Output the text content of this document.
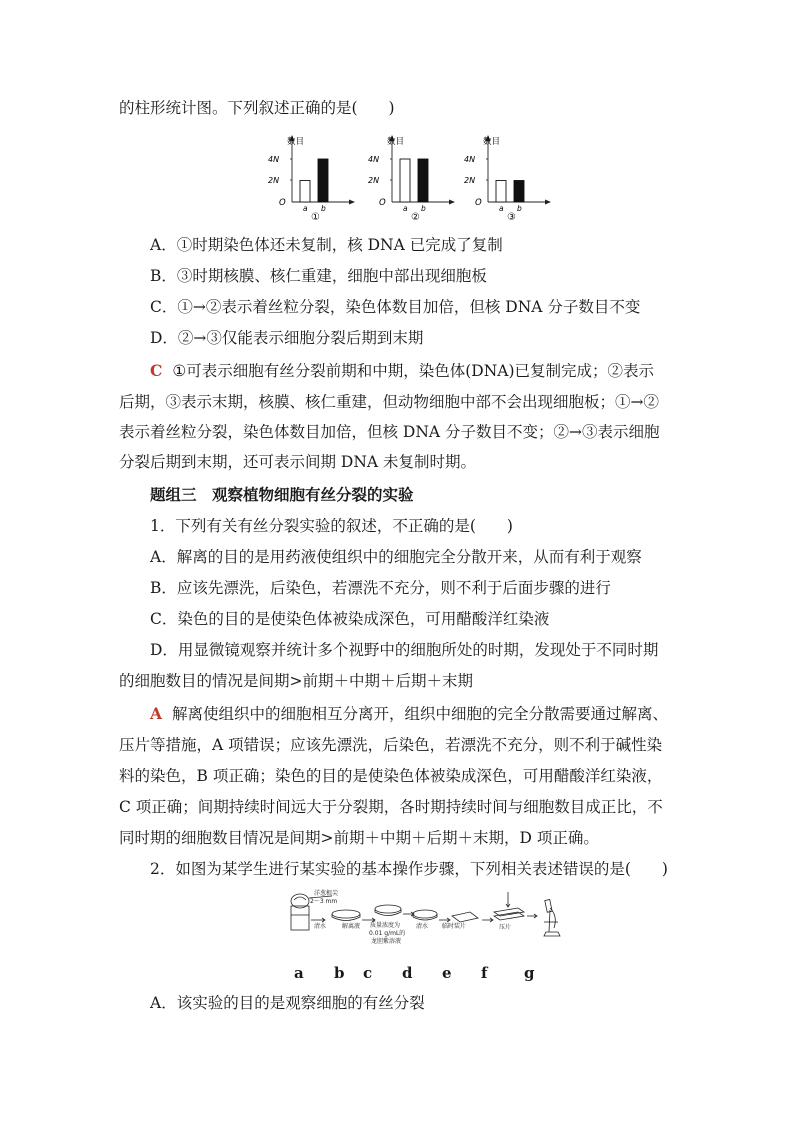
的柱形统计图。下列叙述正确的是(　　)
数目
4N
2N
O
a b
①
数目
4N
2N
O
a b
②
数目
4N
2N
O
a b
③
A．①时期染色体还未复制，核 DNA 已完成了复制
B．③时期核膜、核仁重建，细胞中部出现细胞板
C．①→②表示着丝粒分裂，染色体数目加倍，但核 DNA 分子数目不变
D．②→③仅能表示细胞分裂后期到末期
C ①可表示细胞有丝分裂前期和中期，染色体(DNA)已复制完成；②表示
后期，③表示末期，核膜、核仁重建，但动物细胞中部不会出现细胞板；①→②
表示着丝粒分裂，染色体数目加倍，但核 DNA 分子数目不变；②→③表示细胞
分裂后期到末期，还可表示间期 DNA 未复制时期。
题组三　观察植物细胞有丝分裂的实验
1．下列有关有丝分裂实验的叙述，不正确的是(　　)
A．解离的目的是用药液使组织中的细胞完全分散开来，从而有利于观察
B．应该先漂洗，后染色，若漂洗不充分，则不利于后面步骤的进行
C．染色的目的是使染色体被染成深色，可用醋酸洋红染液
D．用显微镜观察并统计多个视野中的细胞所处的时期，发现处于不同时期
的细胞数目的情况是间期>前期＋中期＋后期＋末期
A 解离使组织中的细胞相互分离开，组织中细胞的完全分散需要通过解离、
压片等措施，A 项错误；应该先漂洗，后染色，若漂洗不充分，则不利于碱性染
料的染色，B 项正确；染色的目的是使染色体被染成深色，可用醋酸洋红染液，
C 项正确；间期持续时间远大于分裂期，各时期持续时间与细胞数目成正比，不
同时期的细胞数目情况是间期>前期＋中期＋后期＋末期，D 项正确。
2．如图为某学生进行某实验的基本操作步骤，下列相关表述错误的是(　　)
洋葱根尖
2～3 mm
清水	解离液 质量浓度为
0.01 g/mL的
龙胆紫溶液
清水 临时装片	压片
a b c d e f g
A．该实验的目的是观察细胞的有丝分裂
